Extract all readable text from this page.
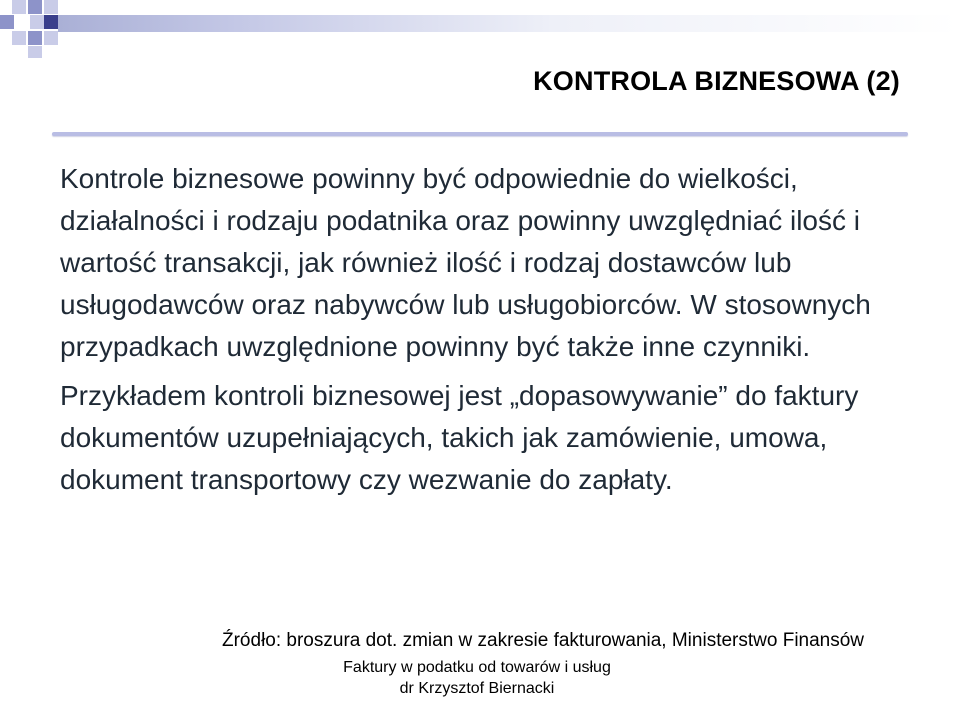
KONTROLA BIZNESOWA (2)

Kontrole biznesowe powinny być odpowiednie do wielkości, działalności i rodzaju podatnika oraz powinny uwzględniać ilość i wartość transakcji, jak również ilość i rodzaj dostawców lub usługodawców oraz nabywców lub usługobiorców. W stosownych przypadkach uwzględnione powinny być także inne czynniki.

Przykładem kontroli biznesowej jest „dopasowywanie” do faktury dokumentów uzupełniających, takich jak zamówienie, umowa, dokument transportowy czy wezwanie do zapłaty.

Źródło: broszura dot. zmian w zakresie fakturowania, Ministerstwo Finansów
Faktury w podatku od towarów i usług
dr Krzysztof Biernacki
